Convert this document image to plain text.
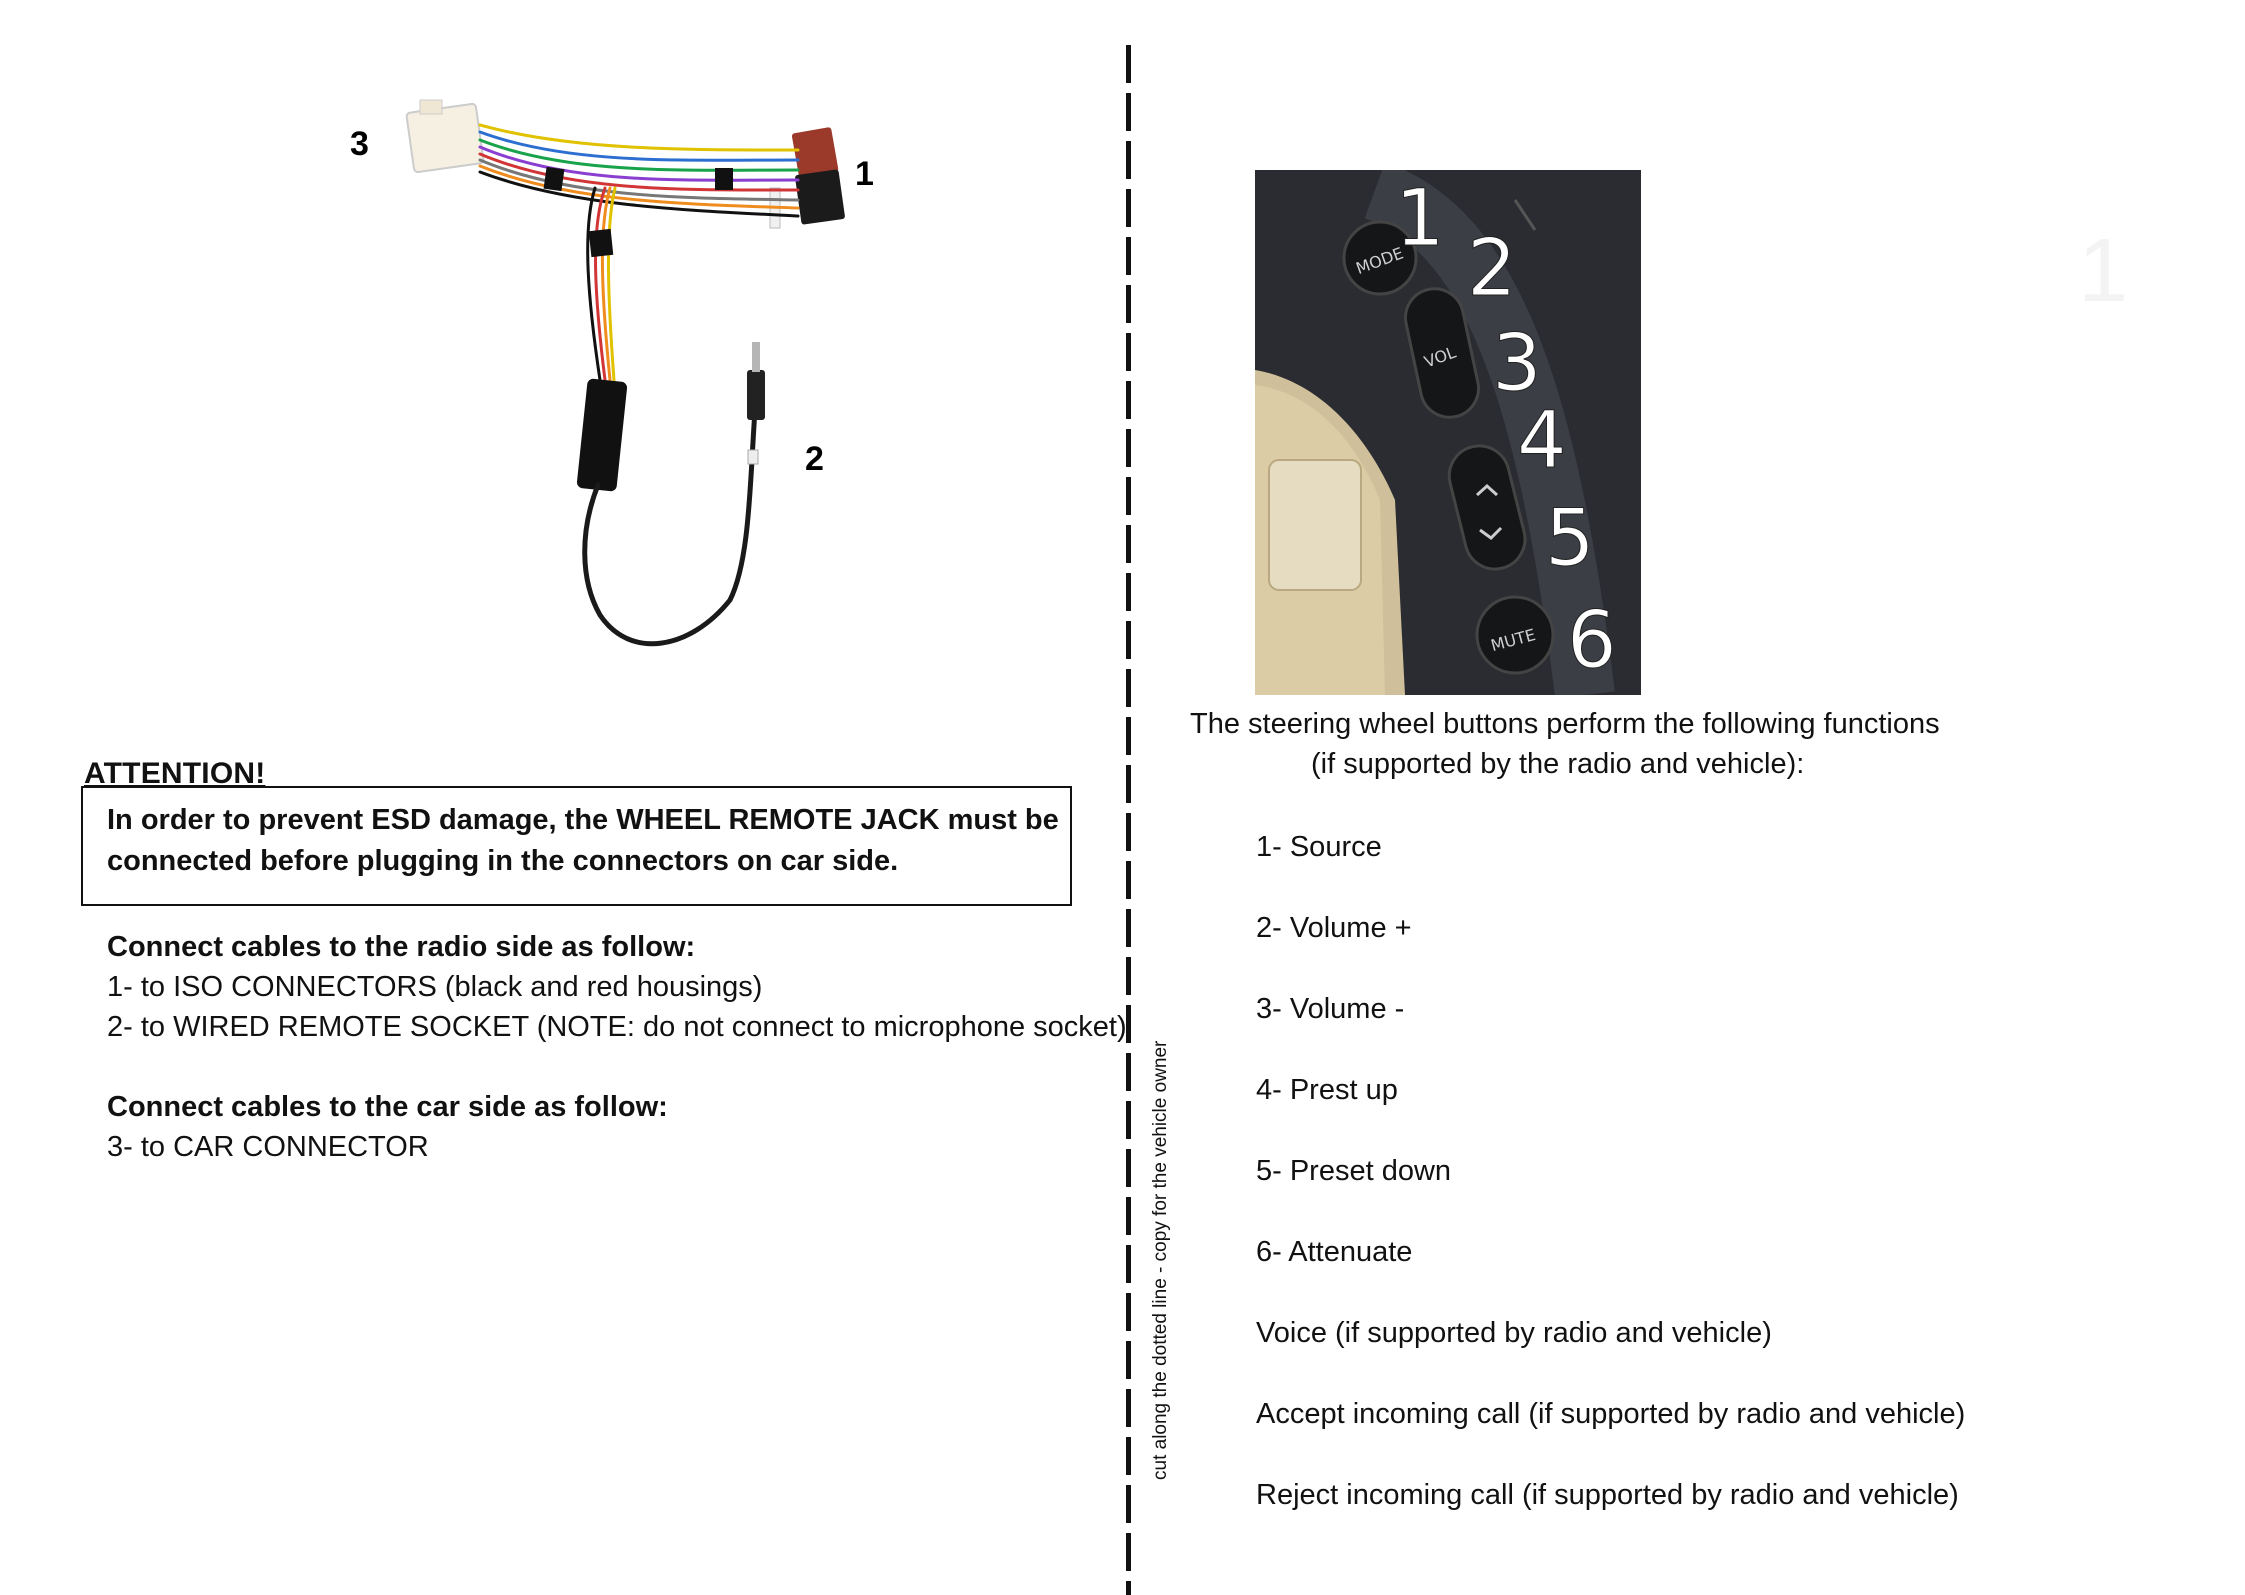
3
1
2
ATTENTION!
In order to prevent ESD damage, the WHEEL REMOTE JACK must be
connected before plugging in the connectors on car side.
Connect cables to the radio side as follow:
1- to ISO CONNECTORS (black and red housings)
2- to WIRED REMOTE SOCKET (NOTE: do not connect to microphone socket)
Connect cables to the car side as follow:
3- to CAR CONNECTOR	cut along the dotted line - copy for the vehicle owner
MODE
VOL
MUTE
1
2
3
4
5
6
The steering wheel buttons perform the following functions
(if supported by the radio and vehicle):
1- Source
2- Volume +
3- Volume -
4- Prest up
5- Preset down
6- Attenuate
Voice (if supported by radio and vehicle)
Accept incoming call (if supported by radio and vehicle)
Reject incoming call (if supported by radio and vehicle)
1
